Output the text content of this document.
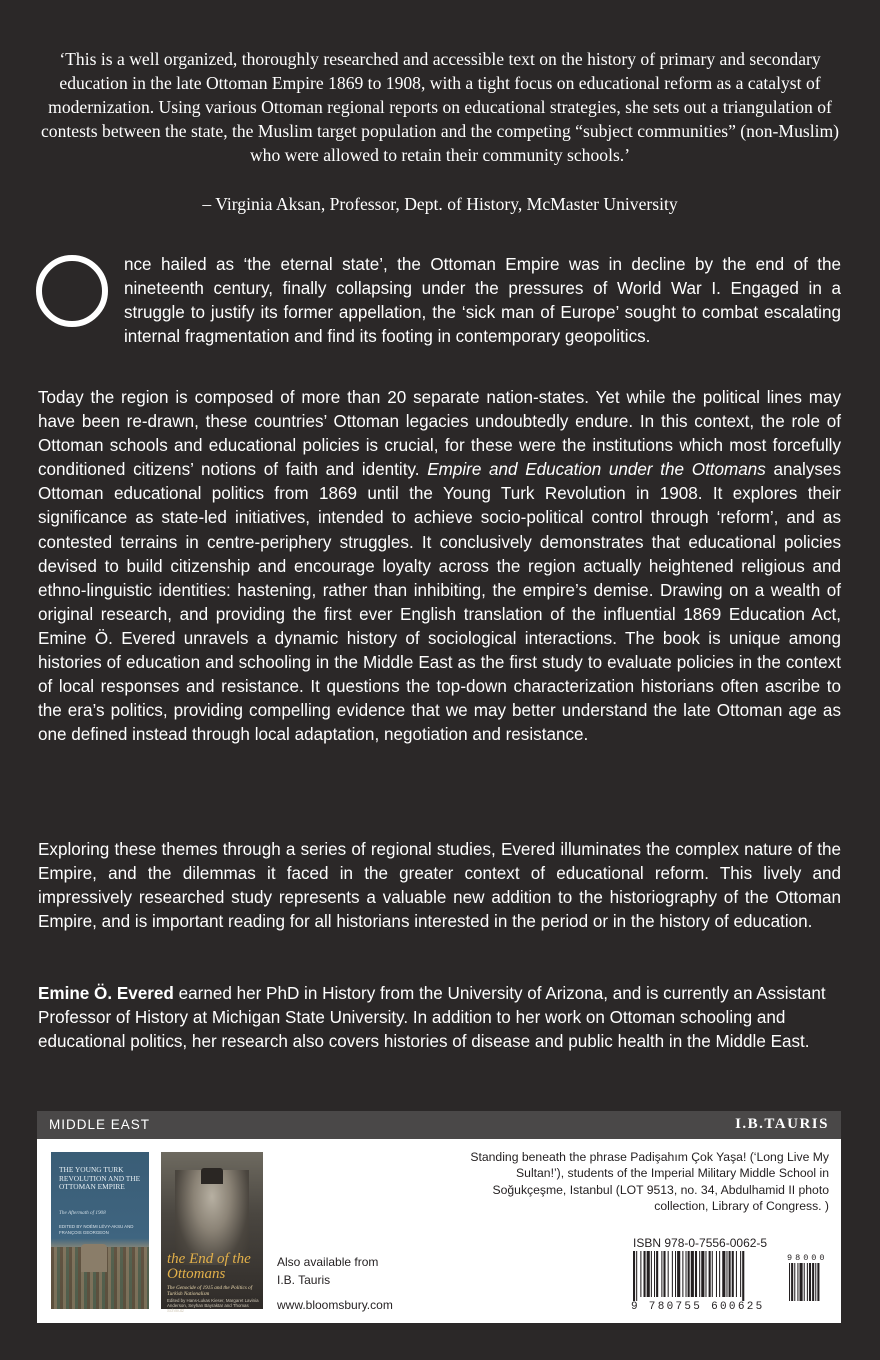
‘This is a well organized, thoroughly researched and accessible text on the history of primary and secondary education in the late Ottoman Empire 1869 to 1908, with a tight focus on educational reform as a catalyst of modernization. Using various Ottoman regional reports on educational strategies, she sets out a triangulation of contests between the state, the Muslim target population and the competing “subject communities” (non-Muslim) who were allowed to retain their community schools.’
– Virginia Aksan, Professor, Dept. of History, McMaster University
nce hailed as ‘the eternal state’, the Ottoman Empire was in decline by the end of the nineteenth century, finally collapsing under the pressures of World War I. Engaged in a struggle to justify its former appellation, the ‘sick man of Europe’ sought to combat escalating internal fragmentation and find its footing in contemporary geopolitics.
Today the region is composed of more than 20 separate nation-states. Yet while the political lines may have been re-drawn, these countries’ Ottoman legacies undoubtedly endure. In this context, the role of Ottoman schools and educational policies is crucial, for these were the institutions which most forcefully conditioned citizens’ notions of faith and identity. Empire and Education under the Ottomans analyses Ottoman educational politics from 1869 until the Young Turk Revolution in 1908. It explores their significance as state-led initiatives, intended to achieve socio-political control through ‘reform’, and as contested terrains in centre-periphery struggles. It conclusively demonstrates that educational policies devised to build citizenship and encourage loyalty across the region actually heightened religious and ethno-linguistic identities: hastening, rather than inhibiting, the empire’s demise. Drawing on a wealth of original research, and providing the first ever English translation of the influential 1869 Education Act, Emine Ö. Evered unravels a dynamic history of sociological interactions. The book is unique among histories of education and schooling in the Middle East as the first study to evaluate policies in the context of local responses and resistance. It questions the top-down characterization historians often ascribe to the era’s politics, providing compelling evidence that we may better understand the late Ottoman age as one defined instead through local adaptation, negotiation and resistance.
Exploring these themes through a series of regional studies, Evered illuminates the complex nature of the Empire, and the dilemmas it faced in the greater context of educational reform. This lively and impressively researched study represents a valuable new addition to the historiography of the Ottoman Empire, and is important reading for all historians interested in the period or in the history of education.
Emine Ö. Evered earned her PhD in History from the University of Arizona, and is currently an Assistant Professor of History at Michigan State University. In addition to her work on Ottoman schooling and educational politics, her research also covers histories of disease and public health in the Middle East.
MIDDLE EAST	I.B.TAURIS
THE YOUNG TURK REVOLUTION AND THE OTTOMAN EMPIRE
The Aftermath of 1908
EDITED BY NOÉMI LÉVY-AKSU AND FRANÇOIS GEORGEON
the End of the Ottomans
The Genocide of 1915 and the Politics of Turkish Nationalism
Edited by Hans-Lukas Kieser, Margaret Lavinia Anderson, Seyhan Bayraktar and Thomas Schmutz
Also available from
I.B. Tauris
www.bloomsbury.com
Standing beneath the phrase Padişahım Çok Yaşa! (‘Long Live My Sultan!’), students of the Imperial Military Middle School in Soğukçeşme, Istanbul (LOT 9513, no. 34, Abdulhamid II photo collection, Library of Congress. )
ISBN 978-0-7556-0062-5
98000
9 780755 600625
